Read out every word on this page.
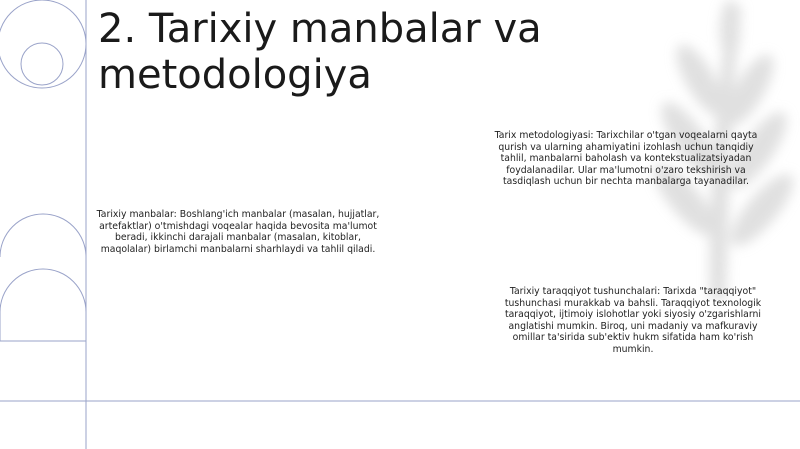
2. Tarixiy manbalar va metodologiya

Tarix metodologiyasi: Tarixchilar o'tgan voqealarni qayta qurish va ularning ahamiyatini izohlash uchun tanqidiy tahlil, manbalarni baholash va kontekstualizatsiyadan foydalanadilar. Ular ma'lumotni o'zaro tekshirish va tasdiqlash uchun bir nechta manbalarga tayanadilar.

Tarixiy manbalar: Boshlang'ich manbalar (masalan, hujjatlar, artefaktlar) o'tmishdagi voqealar haqida bevosita ma'lumot beradi, ikkinchi darajali manbalar (masalan, kitoblar, maqolalar) birlamchi manbalarni sharhlaydi va tahlil qiladi.

Tarixiy taraqqiyot tushunchalari: Tarixda "taraqqiyot" tushunchasi murakkab va bahsli. Taraqqiyot texnologik taraqqiyot, ijtimoiy islohotlar yoki siyosiy o'zgarishlarni anglatishi mumkin. Biroq, uni madaniy va mafkuraviy omillar ta'sirida sub'ektiv hukm sifatida ham ko'rish mumkin.
